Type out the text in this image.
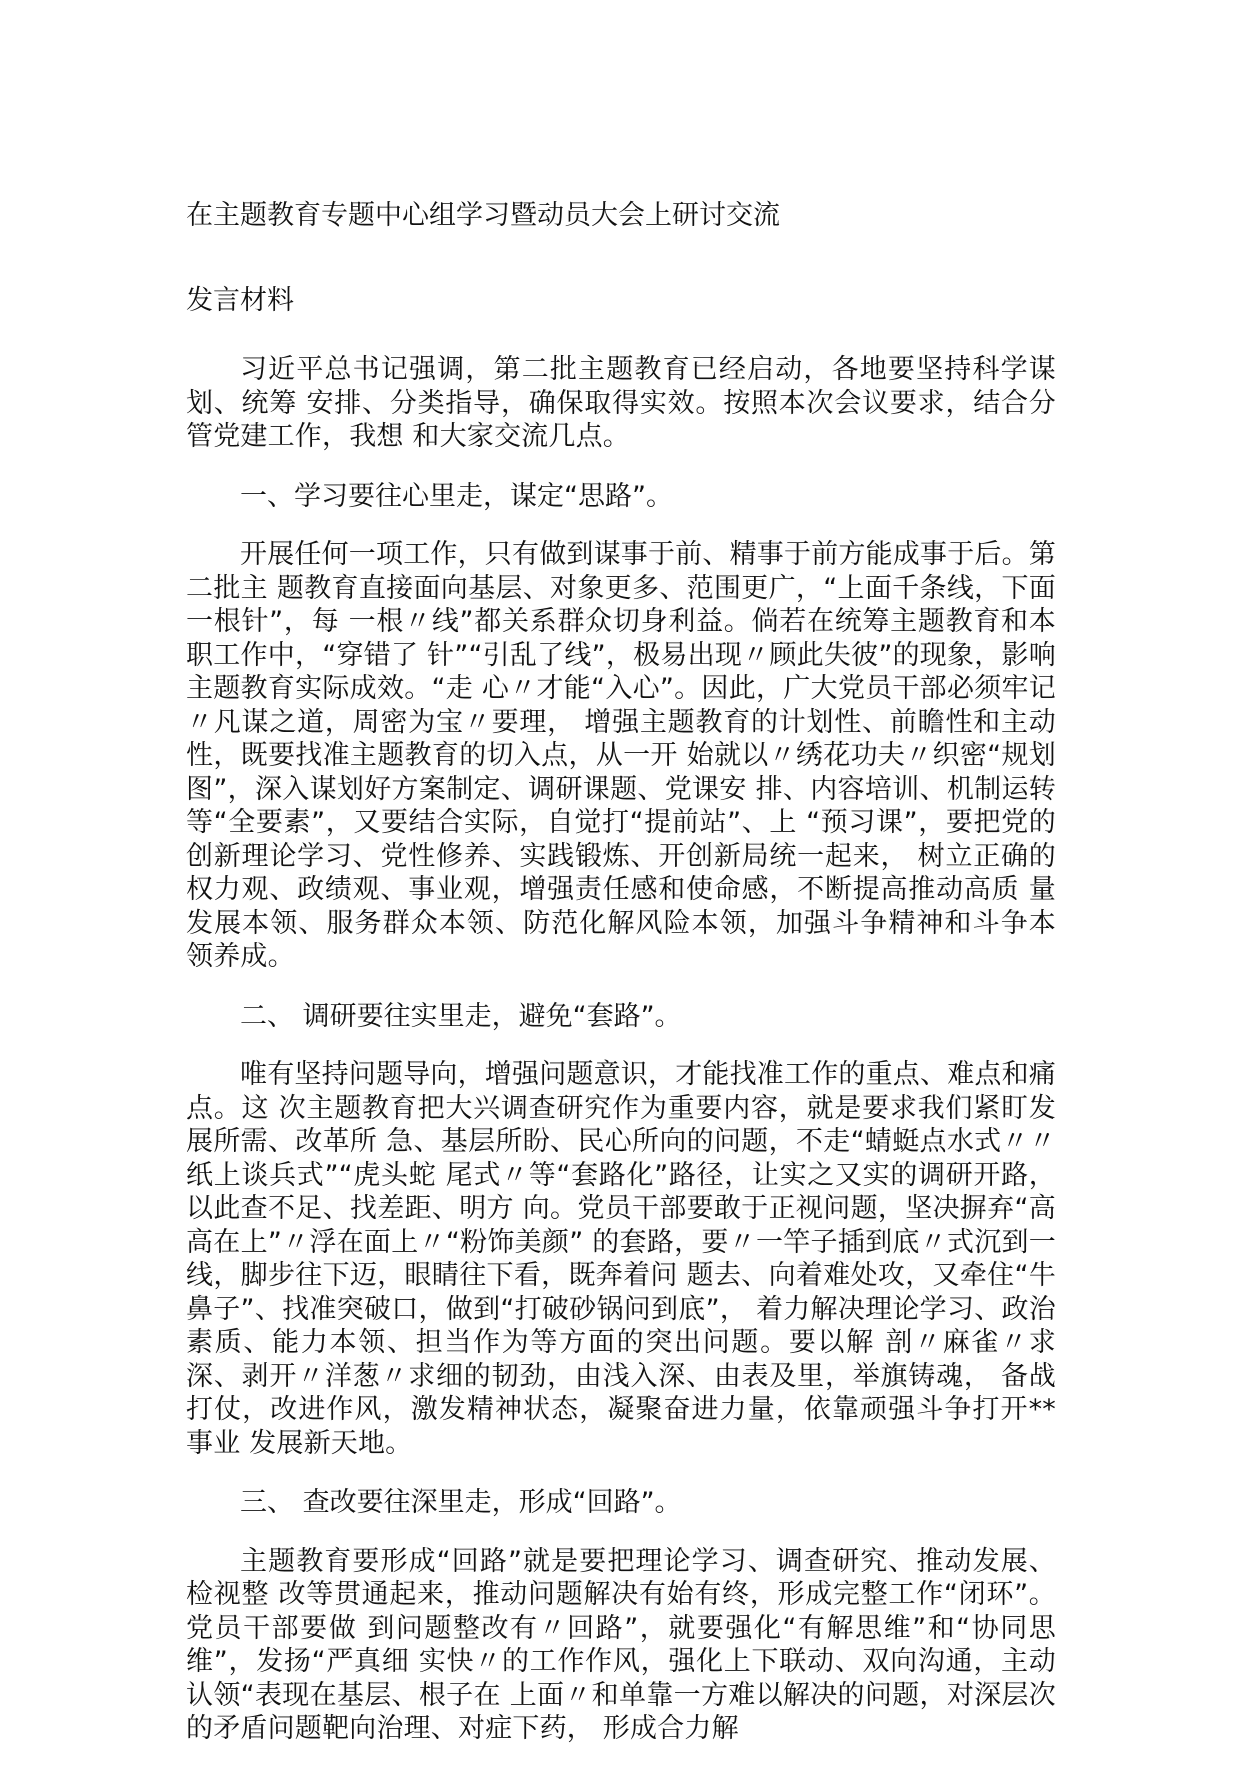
在主题教育专题中心组学习暨动员大会上研讨交流

发言材料

习近平总书记强调，第二批主题教育已经启动，各地要坚持科学谋划、统筹 安排、分类指导，确保取得实效。按照本次会议要求，结合分管党建工作，我想 和大家交流几点。

一、学习要往心里走，谋定“思路”。

开展任何一项工作，只有做到谋事于前、精事于前方能成事于后。第二批主 题教育直接面向基层、对象更多、范围更广，“上面千条线，下面一根针”，每 一根〃线”都关系群众切身利益。倘若在统筹主题教育和本职工作中，“穿错了 针”“引乱了线”，极易出现〃顾此失彼”的现象，影响主题教育实际成效。“走 心〃才能“入心”。因此，广大党员干部必须牢记〃凡谋之道，周密为宝〃要理， 增强主题教育的计划性、前瞻性和主动性，既要找准主题教育的切入点，从一开 始就以〃绣花功夫〃织密“规划图”，深入谋划好方案制定、调研课题、党课安 排、内容培训、机制运转等“全要素”，又要结合实际，自觉打“提前站”、上 “预习课”，要把党的创新理论学习、党性修养、实践锻炼、开创新局统一起来， 树立正确的权力观、政绩观、事业观，增强责任感和使命感，不断提高推动高质 量发展本领、服务群众本领、防范化解风险本领，加强斗争精神和斗争本领养成。

二、 调研要往实里走，避免“套路”。

唯有坚持问题导向，增强问题意识，才能找准工作的重点、难点和痛点。这 次主题教育把大兴调查研究作为重要内容，就是要求我们紧盯发展所需、改革所 急、基层所盼、民心所向的问题，不走“蜻蜓点水式〃〃纸上谈兵式”“虎头蛇 尾式〃等“套路化”路径，让实之又实的调研开路，以此查不足、找差距、明方 向。党员干部要敢于正视问题，坚决摒弃“高高在上”〃浮在面上〃“粉饰美颜” 的套路，要〃一竿子插到底〃式沉到一线，脚步往下迈，眼睛往下看，既奔着问 题去、向着难处攻，又牵住“牛鼻子”、找准突破口，做到“打破砂锅问到底”， 着力解决理论学习、政治素质、能力本领、担当作为等方面的突出问题。要以解 剖〃麻雀〃求深、剥开〃洋葱〃求细的韧劲，由浅入深、由表及里，举旗铸魂， 备战打仗，改进作风，激发精神状态，凝聚奋进力量，依靠顽强斗争打开**事业 发展新天地。

三、 查改要往深里走，形成“回路”。

主题教育要形成“回路”就是要把理论学习、调查研究、推动发展、检视整 改等贯通起来，推动问题解决有始有终，形成完整工作“闭环”。党员干部要做 到问题整改有〃回路”，就要强化“有解思维”和“协同思维”，发扬“严真细 实快〃的工作作风，强化上下联动、双向沟通，主动认领“表现在基层、根子在 上面〃和单靠一方难以解决的问题，对深层次的矛盾问题靶向治理、对症下药， 形成合力解
